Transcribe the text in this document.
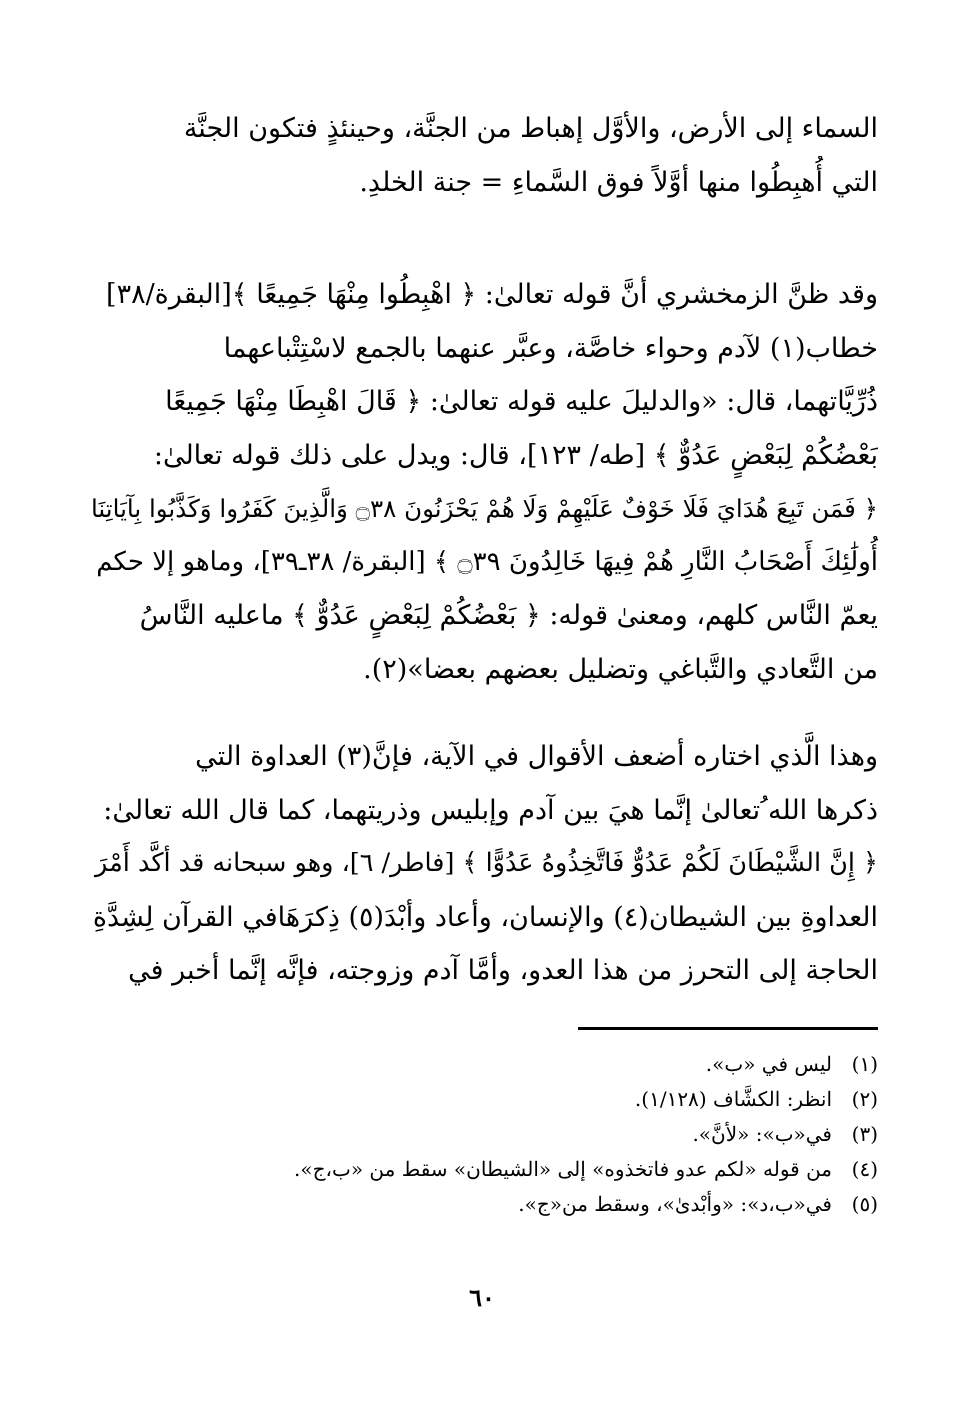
السماء إلى الأرض، والأوَّل إهباط من الجنَّة، وحينئذٍ فتكون الجنَّة
التي أُهبِطُوا منها أوَّلاً فوق السَّماءِ = جنة الخلدِ.
وقد ظنَّ الزمخشري أنَّ قوله تعالىٰ: ﴿ اهْبِطُوا مِنْهَا جَمِيعًا ﴾[البقرة/٣٨]
خطاب(١) لآدم وحواء خاصَّة، وعبَّر عنهما بالجمع لاسْتِتْباعهما
ذُرِّيَّاتهما، قال: «والدليلَ عليه قوله تعالىٰ: ﴿ قَالَ اهْبِطَا مِنْهَا جَمِيعًا
بَعْضُكُمْ لِبَعْضٍ عَدُوٌّ ﴾ [طه/ ١٢٣]، قال: ويدل على ذلك قوله تعالىٰ:
﴿ فَمَن تَبِعَ هُدَايَ فَلَا خَوْفٌ عَلَيْهِمْ وَلَا هُمْ يَحْزَنُونَ ۝٣٨ وَالَّذِينَ كَفَرُوا وَكَذَّبُوا بِآيَاتِنَا
أُولَٰئِكَ أَصْحَابُ النَّارِ هُمْ فِيهَا خَالِدُونَ ۝٣٩ ﴾ [البقرة/ ٣٨ـ٣٩]، وماهو إلا حكم
يعمّ النَّاس كلهم، ومعنىٰ قوله: ﴿ بَعْضُكُمْ لِبَعْضٍ عَدُوٌّ ﴾ ماعليه النَّاسُ
من التَّعادي والتَّباغي وتضليل بعضهم بعضا»(٢).
وهذا الَّذي اختاره أضعف الأقوال في الآية، فإنَّ(٣) العداوة التي
ذكرها الله ُتعالىٰ إنَّما هيَ بين آدم وإبليس وذريتهما، كما قال الله تعالىٰ:
﴿ إِنَّ الشَّيْطَانَ لَكُمْ عَدُوٌّ فَاتَّخِذُوهُ عَدُوًّا ﴾ [فاطر/ ٦]، وهو سبحانه قد أكَّد أَمْرَ
العداوةِ بين الشيطان(٤) والإنسان، وأعاد وأبْدَ(٥) ذِكرَهَافي القرآن لِشِدَّةِ
الحاجة إلى التحرز من هذا العدو، وأمَّا آدم وزوجته، فإنَّه إنَّما أخبر في
(١)
ليس في «ب».
(٢)
انظر: الكشَّاف (١/١٢٨).
(٣)
في«ب»: «لأنَّ».
(٤)
من قوله «لكم عدو فاتخذوه» إلى «الشيطان» سقط من «ب،ج».
(٥)
في«ب،د»: «وأبْدىٰ»، وسقط من«ج».
٦٠
